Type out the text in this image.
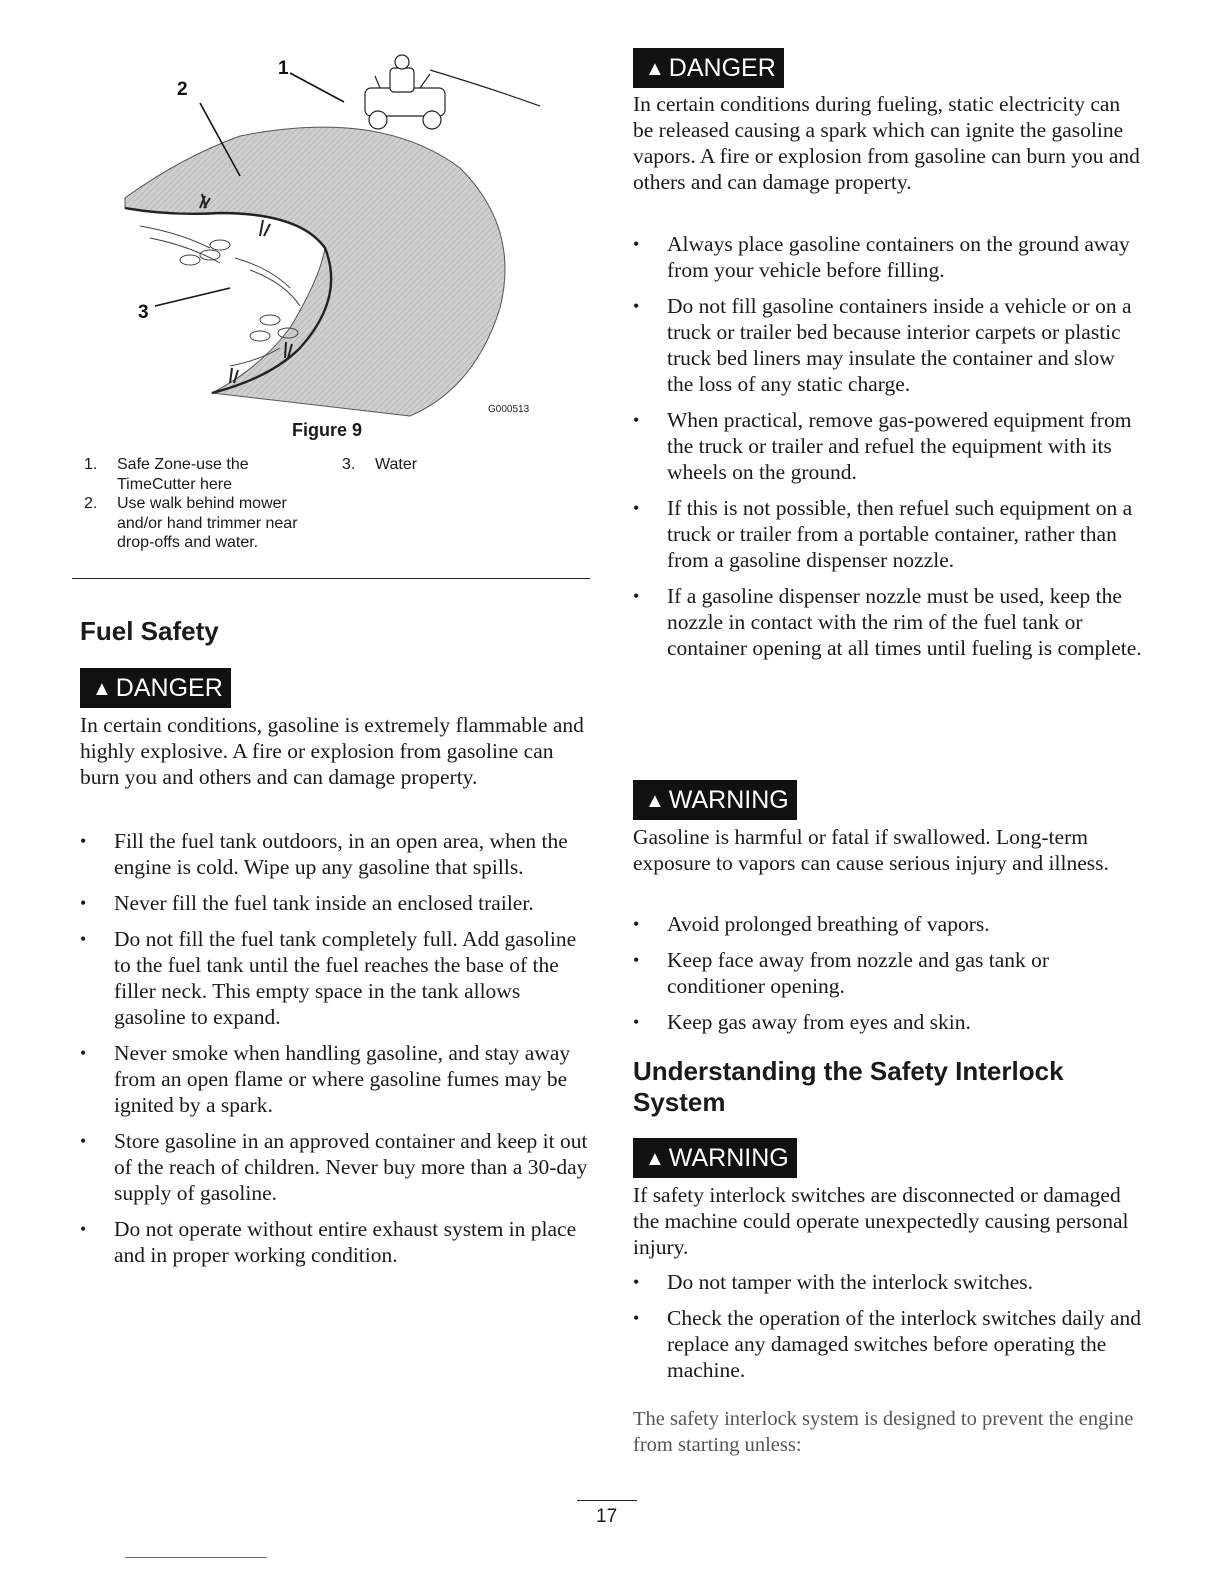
1
2
3
G000513
Figure 9
1.	Safe Zone-use the TimeCutter here
2.	Use walk behind mower and/or hand trimmer near drop-offs and water.
3.	Water
Fuel Safety
▲ DANGER

In certain conditions, gasoline is extremely flammable and highly explosive. A fire or explosion from gasoline can burn you and others and can damage property.

• Fill the fuel tank outdoors, in an open area, when the engine is cold. Wipe up any gasoline that spills.
• Never fill the fuel tank inside an enclosed trailer.
• Do not fill the fuel tank completely full. Add gasoline to the fuel tank until the fuel reaches the base of the filler neck. This empty space in the tank allows gasoline to expand.
• Never smoke when handling gasoline, and stay away from an open flame or where gasoline fumes may be ignited by a spark.
• Store gasoline in an approved container and keep it out of the reach of children. Never buy more than a 30-day supply of gasoline.
• Do not operate without entire exhaust system in place and in proper working condition.
▲ DANGER

In certain conditions during fueling, static electricity can be released causing a spark which can ignite the gasoline vapors. A fire or explosion from gasoline can burn you and others and can damage property.

• Always place gasoline containers on the ground away from your vehicle before filling.
• Do not fill gasoline containers inside a vehicle or on a truck or trailer bed because interior carpets or plastic truck bed liners may insulate the container and slow the loss of any static charge.
• When practical, remove gas-powered equipment from the truck or trailer and refuel the equipment with its wheels on the ground.
• If this is not possible, then refuel such equipment on a truck or trailer from a portable container, rather than from a gasoline dispenser nozzle.
• If a gasoline dispenser nozzle must be used, keep the nozzle in contact with the rim of the fuel tank or container opening at all times until fueling is complete.
▲ WARNING

Gasoline is harmful or fatal if swallowed. Long-term exposure to vapors can cause serious injury and illness.

• Avoid prolonged breathing of vapors.
• Keep face away from nozzle and gas tank or conditioner opening.
• Keep gas away from eyes and skin.
Understanding the Safety Interlock System
▲ WARNING

If safety interlock switches are disconnected or damaged the machine could operate unexpectedly causing personal injury.

• Do not tamper with the interlock switches.
• Check the operation of the interlock switches daily and replace any damaged switches before operating the machine.

The safety interlock system is designed to prevent the engine from starting unless:

17
